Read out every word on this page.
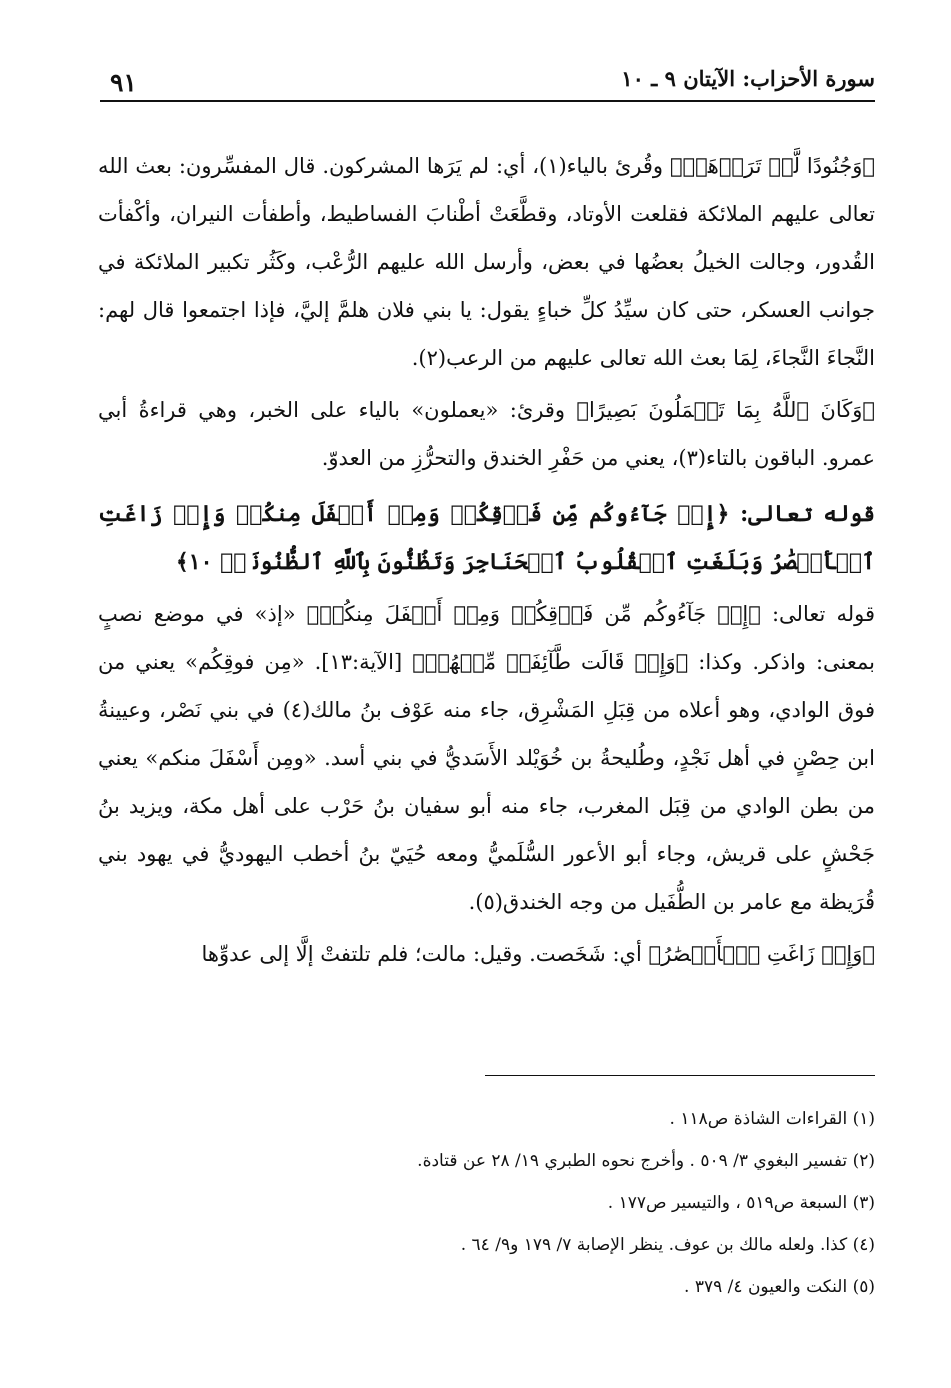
سورة الأحزاب: الآيتان ٩ ـ ١٠
٩١

﴿وَجُنُودًا لَّمۡ تَرَوۡهَاۚ﴾ وقُرئ بالياء(١)، أي: لم يَرَها المشركون. قال المفسِّرون: بعث الله تعالى عليهم الملائكة فقلعت الأوتاد، وقطَّعَتْ أطْنابَ الفساطيط، وأطفأت النيران، وأكْفأت القُدور، وجالت الخيلُ بعضُها في بعض، وأرسل الله عليهم الرُّعْب، وكَثُر تكبير الملائكة في جوانب العسكر، حتى كان سيِّدُ كلِّ خباءٍ يقول: يا بني فلان هلمَّ إليَّ، فإذا اجتمعوا قال لهم: النَّجاءَ النَّجاءَ، لِمَا بعث الله تعالى عليهم من الرعب(٢).

﴿وَكَانَ ٱللَّهُ بِمَا تَعۡمَلُونَ بَصِيرًا﴾ وقرئ: «يعملون» بالياء على الخبر، وهي قراءةُ أبي عمرو. الباقون بالتاء(٣)، يعني من حَفْرِ الخندق والتحرُّزِ من العدوّ.

قوله تعالى: ﴿إِذۡ جَآءُوكُم مِّن فَوۡقِكُمۡ وَمِنۡ أَسۡفَلَ مِنكُمۡ وَإِذۡ زَاغَتِ ٱلۡأَبۡصَٰرُ وَبَلَغَتِ ٱلۡقُلُوبُ ٱلۡحَنَاجِرَ وَتَظُنُّونَ بِٱللَّهِ ٱلظُّنُونَا۠ ١٠﴾

قوله تعالى: ﴿إِذۡ جَآءُوكُم مِّن فَوۡقِكُمۡ وَمِنۡ أَسۡفَلَ مِنكُمۡ﴾ «إذ» في موضع نصبٍ بمعنى: واذكر. وكذا: ﴿وَإِذۡ قَالَت طَّآئِفَةٞ مِّنۡهُمۡ﴾ [الآية:١٣]. «مِن فوقِكُم» يعني من فوق الوادي، وهو أعلاه من قِبَلِ المَشْرِق، جاء منه عَوْف بنُ مالك(٤) في بني نَصْر، وعيينةُ ابن حِصْنٍ في أهل نَجْدٍ، وطُليحةُ بن خُوَيْلد الأَسَديُّ في بني أسد. «ومِن أَسْفَلَ منكم» يعني من بطن الوادي من قِبَل المغرب، جاء منه أبو سفيان بنُ حَرْب على أهل مكة، ويزيد بنُ جَحْشٍ على قريش، وجاء أبو الأعور السُّلَميُّ ومعه حُيَيّ بنُ أخطب اليهوديُّ في يهود بني قُرَيظة مع عامر بن الطُّفَيل من وجه الخندق(٥).

﴿وَإِذۡ زَاغَتِ ٱلۡأَبۡصَٰرُ﴾ أي: شَخَصت. وقيل: مالت؛ فلم تلتفتْ إلَّا إلى عدوِّها

(١) القراءات الشاذة ص١١٨ .
(٢) تفسير البغوي ٣/ ٥٠٩ . وأخرج نحوه الطبري ١٩/ ٢٨ عن قتادة.
(٣) السبعة ص٥١٩ ، والتيسير ص١٧٧ .
(٤) كذا. ولعله مالك بن عوف. ينظر الإصابة ٧/ ١٧٩ و٩/ ٦٤ .
(٥) النكت والعيون ٤/ ٣٧٩ .
